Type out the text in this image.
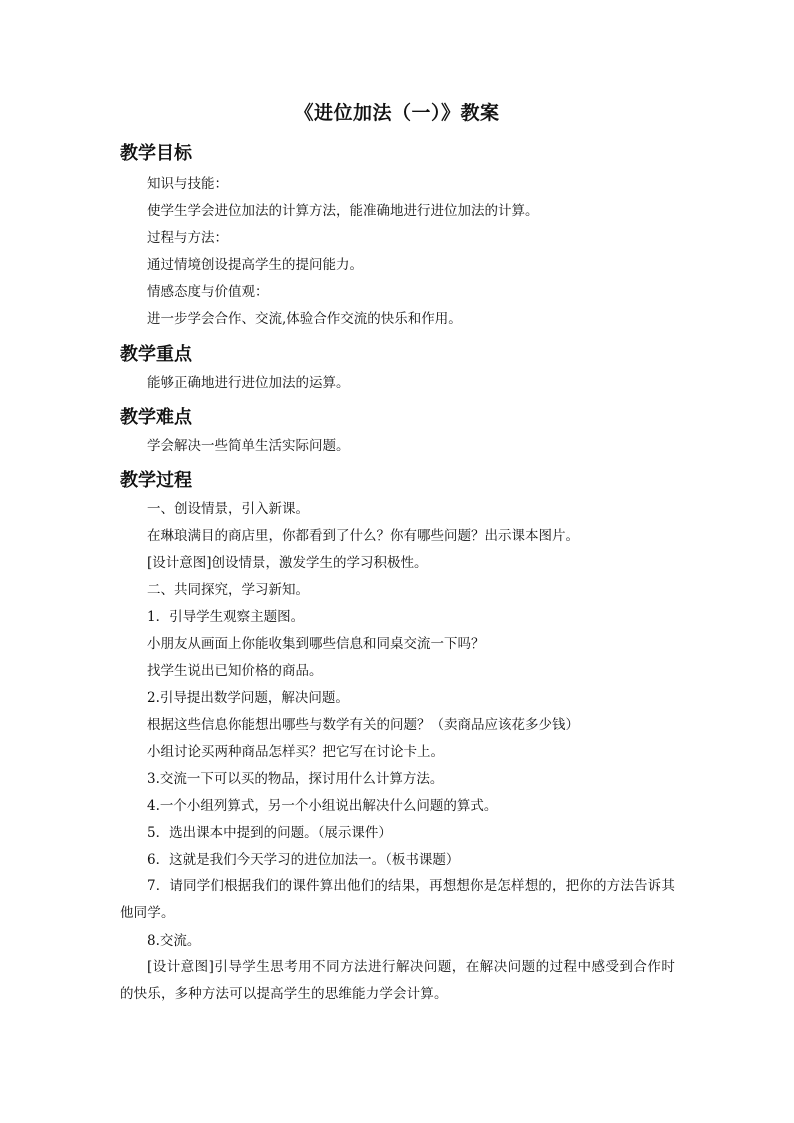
《进位加法（一）》教案
教学目标
知识与技能：
使学生学会进位加法的计算方法，能准确地进行进位加法的计算。
过程与方法：
通过情境创设提高学生的提问能力。
情感态度与价值观：
进一步学会合作、交流,体验合作交流的快乐和作用。
教学重点
能够正确地进行进位加法的运算。
教学难点
学会解决一些简单生活实际问题。
教学过程
一、创设情景，引入新课。
在琳琅满目的商店里，你都看到了什么？你有哪些问题？出示课本图片。
[设计意图]创设情景，激发学生的学习积极性。
二、共同探究，学习新知。
1．引导学生观察主题图。
小朋友从画面上你能收集到哪些信息和同桌交流一下吗？
找学生说出已知价格的商品。
2.引导提出数学问题，解决问题。
根据这些信息你能想出哪些与数学有关的问题？（卖商品应该花多少钱）
小组讨论买两种商品怎样买？把它写在讨论卡上。
3.交流一下可以买的物品，探讨用什么计算方法。
4.一个小组列算式，另一个小组说出解决什么问题的算式。
5．选出课本中提到的问题。（展示课件）
6．这就是我们今天学习的进位加法一。（板书课题）
7．请同学们根据我们的课件算出他们的结果，再想想你是怎样想的，把你的方法告诉其他同学。
8.交流。
[设计意图]引导学生思考用不同方法进行解决问题，在解决问题的过程中感受到合作时的快乐，多种方法可以提高学生的思维能力学会计算。
